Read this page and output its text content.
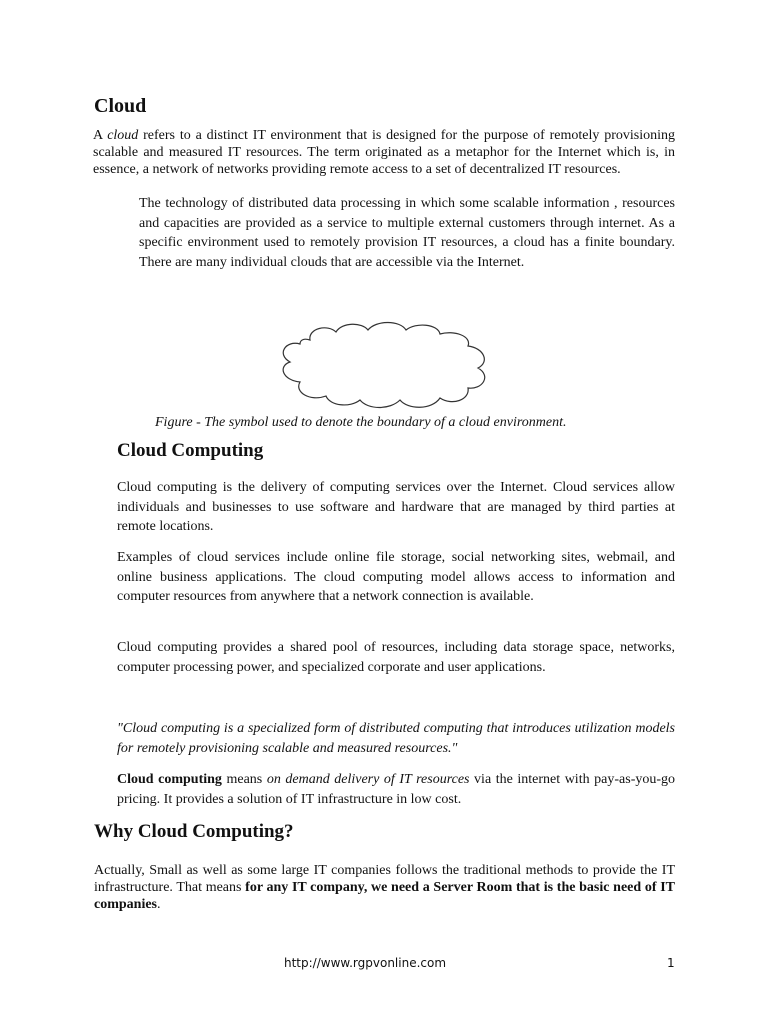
Cloud

A cloud refers to a distinct IT environment that is designed for the purpose of remotely provisioning scalable and measured IT resources. The term originated as a metaphor for the Internet which is, in essence, a network of networks providing remote access to a set of decentralized IT resources.

The technology of distributed data processing in which some scalable information , resources and capacities are provided as a service to multiple external customers through internet. As a specific environment used to remotely provision IT resources, a cloud has a finite boundary. There are many individual clouds that are accessible via the Internet.

Figure - The symbol used to denote the boundary of a cloud environment.

Cloud Computing

Cloud computing is the delivery of computing services over the Internet. Cloud services allow individuals and businesses to use software and hardware that are managed by third parties at remote locations.

Examples of cloud services include online file storage, social networking sites, webmail, and online business applications. The cloud computing model allows access to information and computer resources from anywhere that a network connection is available.

Cloud computing provides a shared pool of resources, including data storage space, networks, computer processing power, and specialized corporate and user applications.

"Cloud computing is a specialized form of distributed computing that introduces utilization models for remotely provisioning scalable and measured resources."

Cloud computing means on demand delivery of IT resources via the internet with pay-as-you-go pricing. It provides a solution of IT infrastructure in low cost.

Why Cloud Computing?

Actually, Small as well as some large IT companies follows the traditional methods to provide the IT infrastructure. That means for any IT company, we need a Server Room that is the basic need of IT companies.

http://www.rgpvonline.com	1
